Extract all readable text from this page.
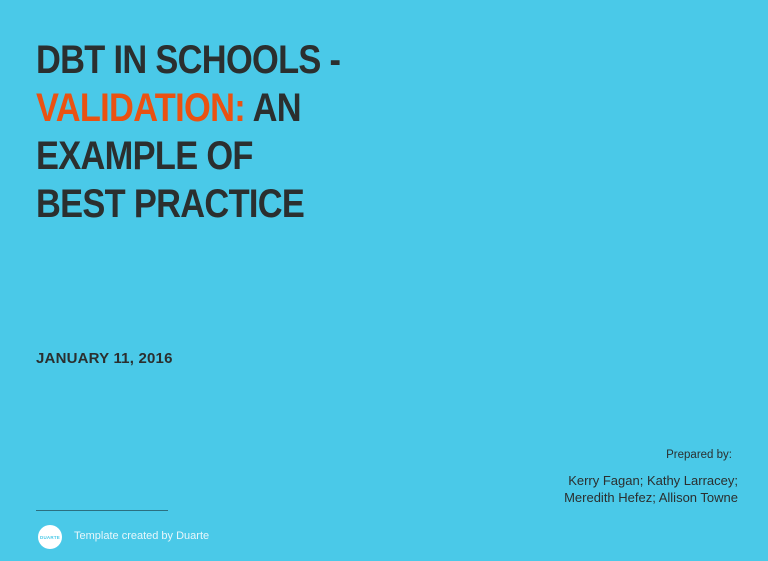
DBT IN SCHOOLS -
VALIDATION: AN
EXAMPLE OF
BEST PRACTICE
JANUARY 11, 2016
Prepared by:
Kerry Fagan; Kathy Larracey;
Meredith Hefez; Allison Towne
DUARTE Template created by Duarte
